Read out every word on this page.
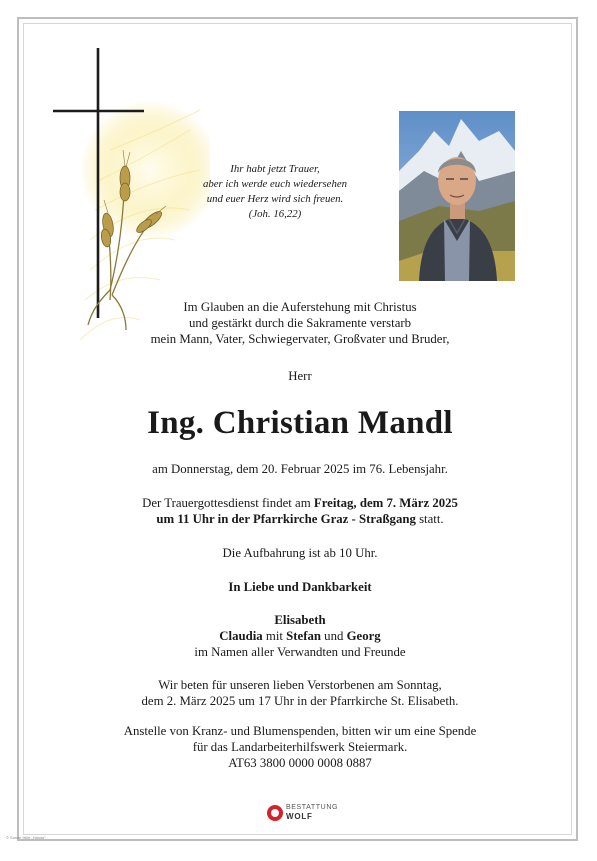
Ihr habt jetzt Trauer,
aber ich werde euch wiedersehen
und euer Herz wird sich freuen.
(Joh. 16,22)
Im Glauben an die Auferstehung mit Christus
und gestärkt durch die Sakramente verstarb
mein Mann, Vater, Schwiegervater, Großvater und Bruder,
Herr
Ing. Christian Mandl
am Donnerstag, dem 20. Februar 2025 im 76. Lebensjahr.
Der Trauergottesdienst findet am Freitag, dem 7. März 2025
um 11 Uhr in der Pfarrkirche Graz - Straßgang statt.
Die Aufbahrung ist ab 10 Uhr.
In Liebe und Dankbarkeit
Elisabeth
Claudia mit Stefan und Georg
im Namen aller Verwandten und Freunde
Wir beten für unseren lieben Verstorbenen am Sonntag,
dem 2. März 2025 um 17 Uhr in der Pfarrkirche St. Elisabeth.
Anstelle von Kranz- und Blumenspenden, bitten wir um eine Spende
für das Landarbeiterhilfswerk Steiermark.
AT63 3800 0000 0008 0887
BESTATTUNG
WOLF
© Susan Hille „Hands“
